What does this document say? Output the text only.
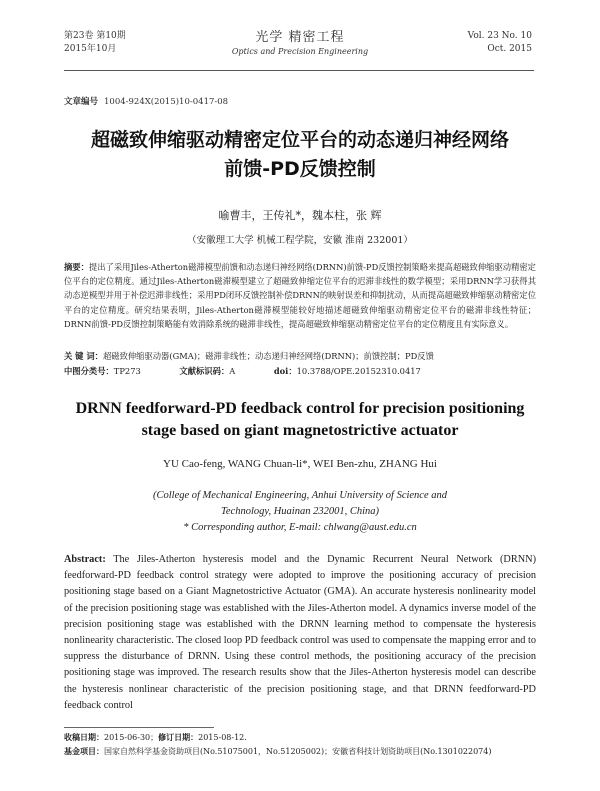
第23卷 第10期
2015年10月
光学 精密工程
Optics and Precision Engineering
Vol. 23 No. 10
Oct. 2015
文章编号 1004-924X(2015)10-0417-08
超磁致伸缩驱动精密定位平台的动态递归神经网络
前馈-PD反馈控制
喻曹丰，王传礼*，魏本柱，张 辉
（安徽理工大学 机械工程学院，安徽 淮南 232001）
摘要：提出了采用Jiles-Atherton磁滞模型前馈和动态递归神经网络(DRNN)前馈-PD反馈控制策略来提高超磁致伸缩驱动精密定位平台的定位精度。通过Jiles-Atherton磁滞模型建立了超磁致伸缩定位平台的迟滞非线性的数学模型；采用DRNN学习获得其动态逆模型并用于补偿迟滞非线性；采用PD闭环反馈控制补偿DRNN的映射误差和抑制扰动，从而提高超磁致伸缩驱动精密定位平台的定位精度。研究结果表明，Jiles-Atherton磁滞模型能较好地描述超磁致伸缩驱动精密定位平台的磁滞非线性特征；DRNN前馈-PD反馈控制策略能有效消除系统的磁滞非线性，提高超磁致伸缩驱动精密定位平台的定位精度且有实际意义。
关 键 词：超磁致伸缩驱动器(GMA)；磁滞非线性；动态递归神经网络(DRNN)；前馈控制；PD反馈
中图分类号：TP273	文献标识码：A	doi：10.3788/OPE.20152310.0417
DRNN feedforward-PD feedback control for precision positioning
stage based on giant magnetostrictive actuator
YU Cao-feng, WANG Chuan-li*, WEI Ben-zhu, ZHANG Hui
(College of Mechanical Engineering, Anhui University of Science and
Technology, Huainan 232001, China)
* Corresponding author, E-mail: chlwang@aust.edu.cn
Abstract: The Jiles-Atherton hysteresis model and the Dynamic Recurrent Neural Network (DRNN) feedforward-PD feedback control strategy were adopted to improve the positioning accuracy of precision positioning stage based on a Giant Magnetostrictive Actuator (GMA). An accurate hysteresis nonlinearity model of the precision positioning stage was established with the Jiles-Atherton model. A dynamics inverse model of the precision positioning stage was established with the DRNN learning method to compensate the hysteresis nonlinearity characteristic. The closed loop PD feedback control was used to compensate the mapping error and to suppress the disturbance of DRNN. Using these control methods, the positioning accuracy of the precision positioning stage was improved. The research results show that the Jiles-Atherton hysteresis model can describe the hysteresis nonlinear characteristic of the precision positioning stage, and that DRNN feedforward-PD feedback control
收稿日期：2015-06-30；修订日期：2015-08-12.
基金项目：国家自然科学基金资助项目(No.51075001，No.51205002)；安徽省科技计划资助项目(No.1301022074)
